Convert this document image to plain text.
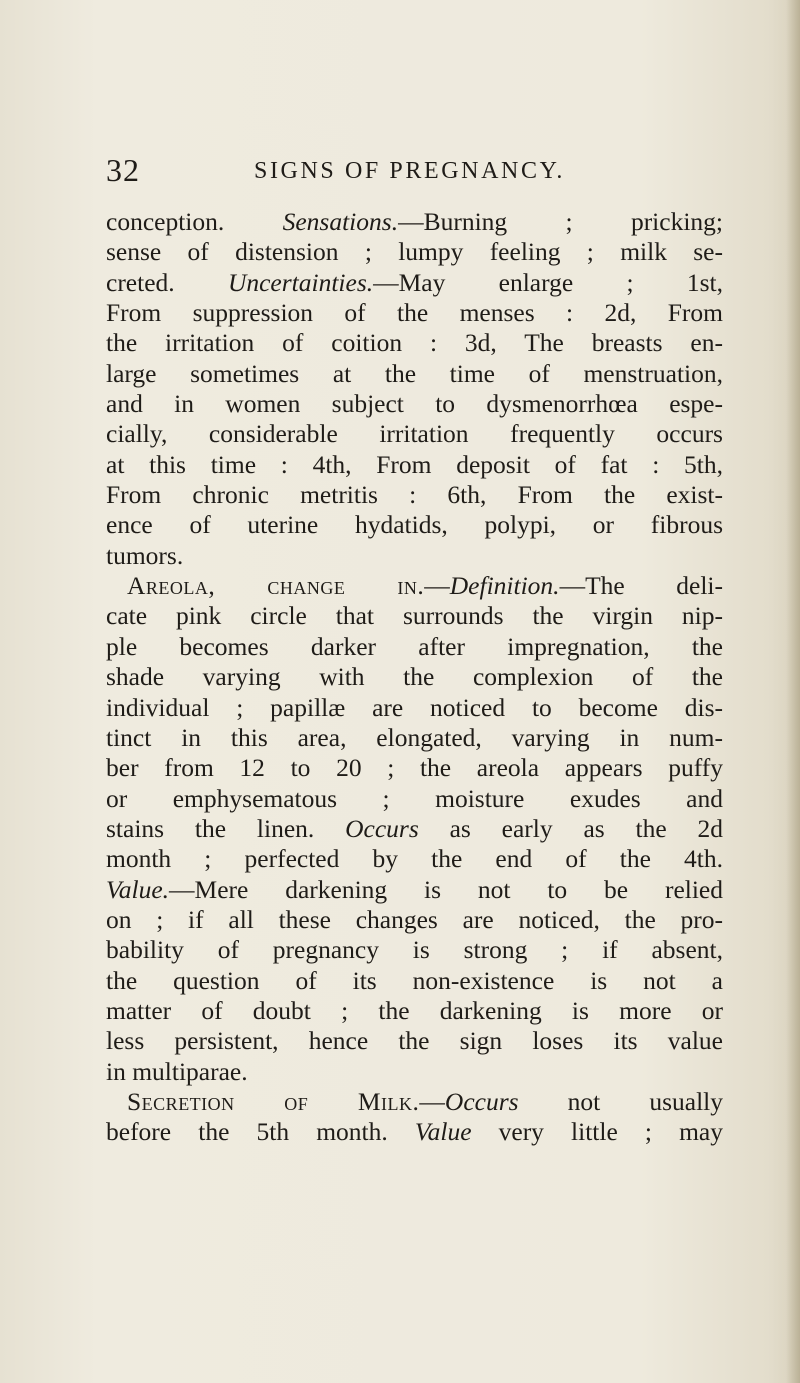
32	SIGNS OF PREGNANCY.
conception. Sensations.—Burning ; pricking;
sense of distension ; lumpy feeling ; milk se-
creted. Uncertainties.—May enlarge ; 1st,
From suppression of the menses : 2d, From
the irritation of coition : 3d, The breasts en-
large sometimes at the time of menstruation,
and in women subject to dysmenorrhœa espe-
cially, considerable irritation frequently occurs
at this time : 4th, From deposit of fat : 5th,
From chronic metritis : 6th, From the exist-
ence of uterine hydatids, polypi, or fibrous
tumors.
Areola, change in.—Definition.—The deli-
cate pink circle that surrounds the virgin nip-
ple becomes darker after impregnation, the
shade varying with the complexion of the
individual ; papillæ are noticed to become dis-
tinct in this area, elongated, varying in num-
ber from 12 to 20 ; the areola appears puffy
or emphysematous ; moisture exudes and
stains the linen. Occurs as early as the 2d
month ; perfected by the end of the 4th.
Value.—Mere darkening is not to be relied
on ; if all these changes are noticed, the pro-
bability of pregnancy is strong ; if absent,
the question of its non-existence is not a
matter of doubt ; the darkening is more or
less persistent, hence the sign loses its value
in multiparae.
Secretion of Milk.—Occurs not usually
before the 5th month. Value very little ; may
